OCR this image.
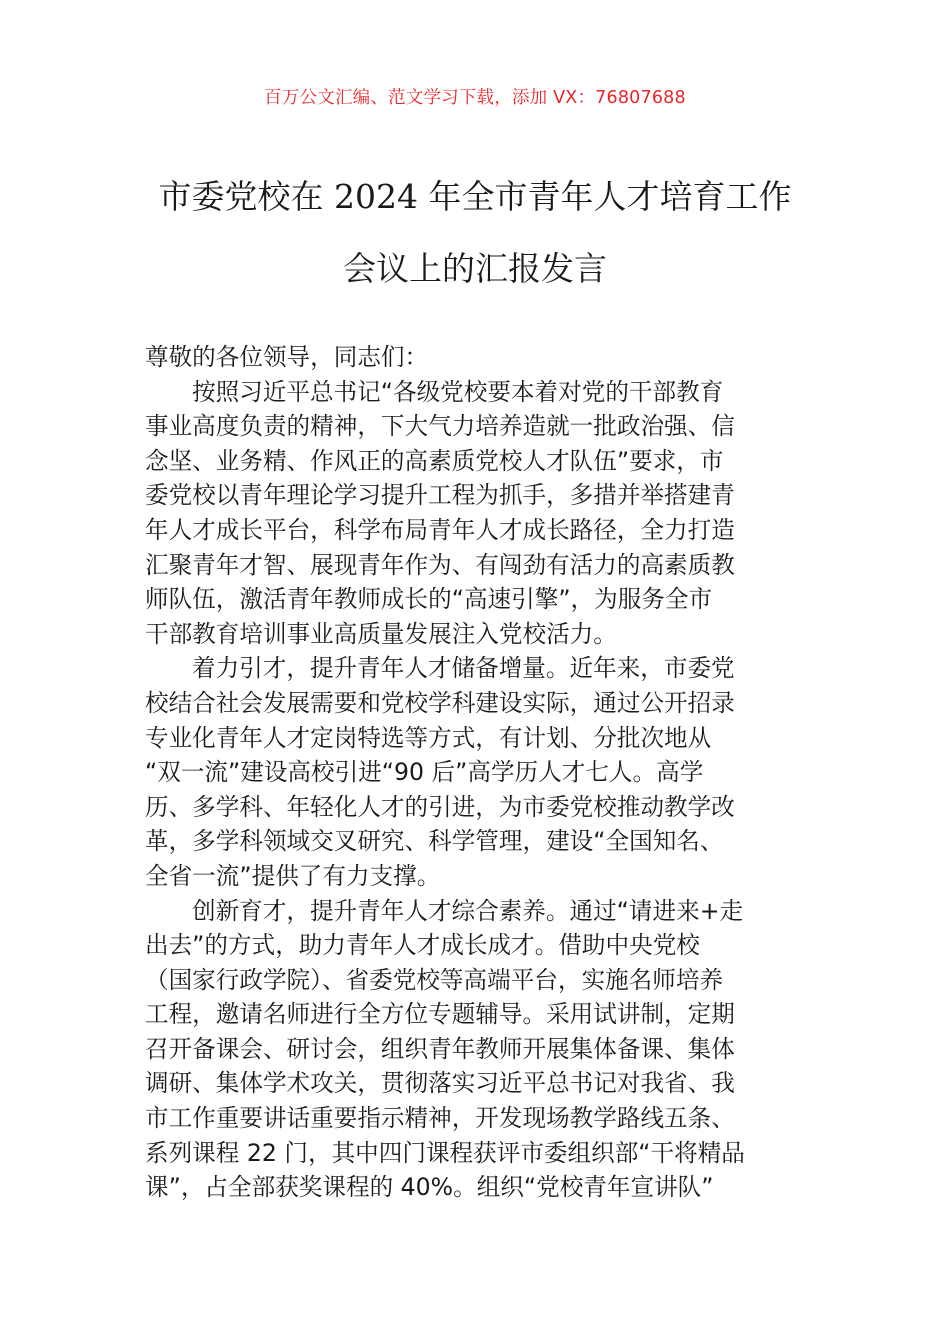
百万公文汇编、范文学习下载，添加 VX：76807688
市委党校在 2024 年全市青年人才培育工作
会议上的汇报发言
尊敬的各位领导，同志们：
按照习近平总书记“各级党校要本着对党的干部教育
事业高度负责的精神，下大气力培养造就一批政治强、信
念坚、业务精、作风正的高素质党校人才队伍”要求，市
委党校以青年理论学习提升工程为抓手，多措并举搭建青
年人才成长平台，科学布局青年人才成长路径，全力打造
汇聚青年才智、展现青年作为、有闯劲有活力的高素质教
师队伍，激活青年教师成长的“高速引擎”，为服务全市
干部教育培训事业高质量发展注入党校活力。
着力引才，提升青年人才储备增量。近年来，市委党
校结合社会发展需要和党校学科建设实际，通过公开招录
专业化青年人才定岗特选等方式，有计划、分批次地从
“双一流”建设高校引进“90 后”高学历人才七人。高学
历、多学科、年轻化人才的引进，为市委党校推动教学改
革，多学科领域交叉研究、科学管理，建设“全国知名、
全省一流”提供了有力支撑。
创新育才，提升青年人才综合素养。通过“请进来+走
出去”的方式，助力青年人才成长成才。借助中央党校
（国家行政学院）、省委党校等高端平台，实施名师培养
工程，邀请名师进行全方位专题辅导。采用试讲制，定期
召开备课会、研讨会，组织青年教师开展集体备课、集体
调研、集体学术攻关，贯彻落实习近平总书记对我省、我
市工作重要讲话重要指示精神，开发现场教学路线五条、
系列课程 22 门，其中四门课程获评市委组织部“干将精品
课”，占全部获奖课程的 40%。组织“党校青年宣讲队”
